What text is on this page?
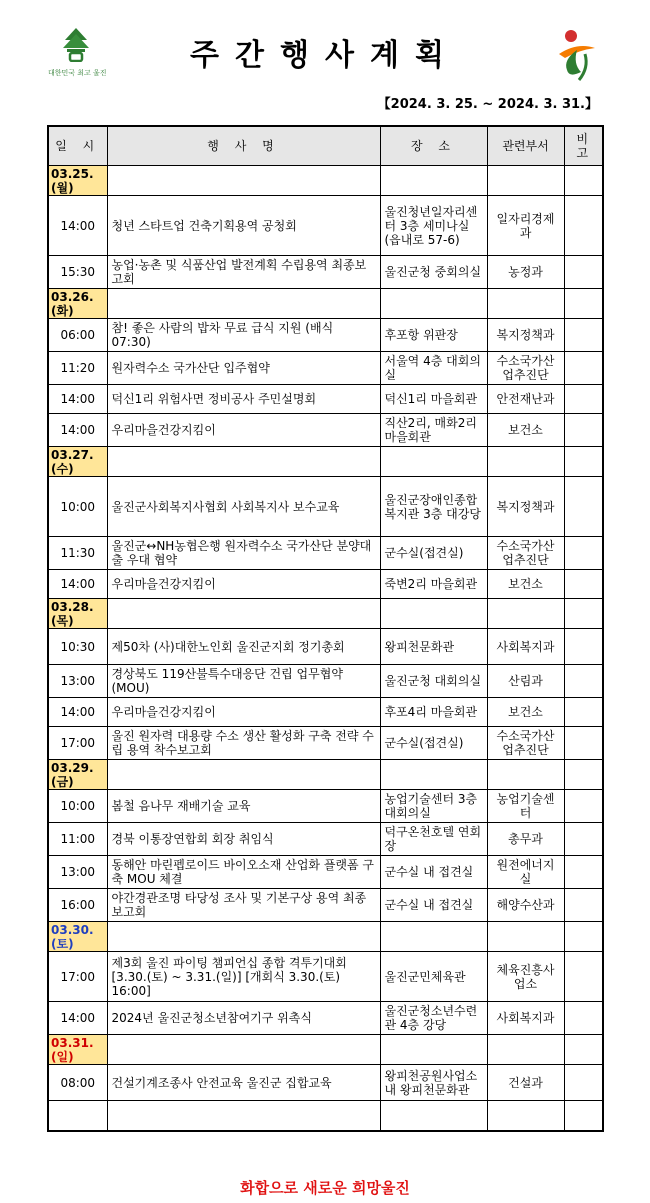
대한민국 최고 울진	주간행사계획
【2024. 3. 25. ~ 2024. 3. 31.】
일 시	행 사 명	장 소	관련부서	비 고
03.25.(월)				
14:00	청년 스타트업 건축기획용역 공청회	울진청년일자리센터 3층 세미나실 (읍내로 57-6)	일자리경제과	
15:30	농업·농촌 및 식품산업 발전계획 수립용역 최종보고회	울진군청 중회의실	농정과	
03.26.(화)				
06:00	참! 좋은 사람의 밥차 무료 급식 지원 (배식 07:30)	후포항 위판장	복지정책과	
11:20	원자력수소 국가산단 입주협약	서울역 4층 대회의실	수소국가산업추진단	
14:00	덕신1리 위험사면 정비공사 주민설명회	덕신1리 마을회관	안전재난과	
14:00	우리마을건강지킴이	직산2리, 매화2리 마을회관	보건소	
03.27.(수)				
10:00	울진군사회복지사협회 사회복지사 보수교육	울진군장애인종합복지관 3층 대강당	복지정책과	
11:30	울진군↔NH농협은행 원자력수소 국가산단 분양대출 우대 협약	군수실(접견실)	수소국가산업추진단	
14:00	우리마을건강지킴이	죽변2리 마을회관	보건소	
03.28.(목)				
10:30	제50차 (사)대한노인회 울진군지회 정기총회	왕피천문화관	사회복지과	
13:00	경상북도 119산불특수대응단 건립 업무협약(MOU)	울진군청 대회의실	산림과	
14:00	우리마을건강지킴이	후포4리 마을회관	보건소	
17:00	울진 원자력 대용량 수소 생산 활성화 구축 전략 수립 용역 착수보고회	군수실(접견실)	수소국가산업추진단	
03.29.(금)				
10:00	봄철 음나무 재배기술 교육	농업기술센터 3층 대회의실	농업기술센터	
11:00	경북 이통장연합회 회장 취임식	덕구온천호텔 연회장	총무과	
13:00	동해안 마린펩로이드 바이오소재 산업화 플랫폼 구축 MOU 체결	군수실 내 접견실	원전에너지실	
16:00	야간경관조명 타당성 조사 및 기본구상 용역 최종보고회	군수실 내 접견실	해양수산과	
03.30.(토)				
17:00	제3회 울진 파이팅 챔피언십 종합 격투기대회 [3.30.(토) ~ 3.31.(일)] [개회식 3.30.(토) 16:00]	울진군민체육관	체육진흥사업소	
14:00	2024년 울진군청소년참여기구 위촉식	울진군청소년수련관 4층 강당	사회복지과	
03.31.(일)				
08:00	건설기계조종사 안전교육 울진군 집합교육	왕피천공원사업소 내 왕피천문화관	건설과	

화합으로 새로운 희망울진
